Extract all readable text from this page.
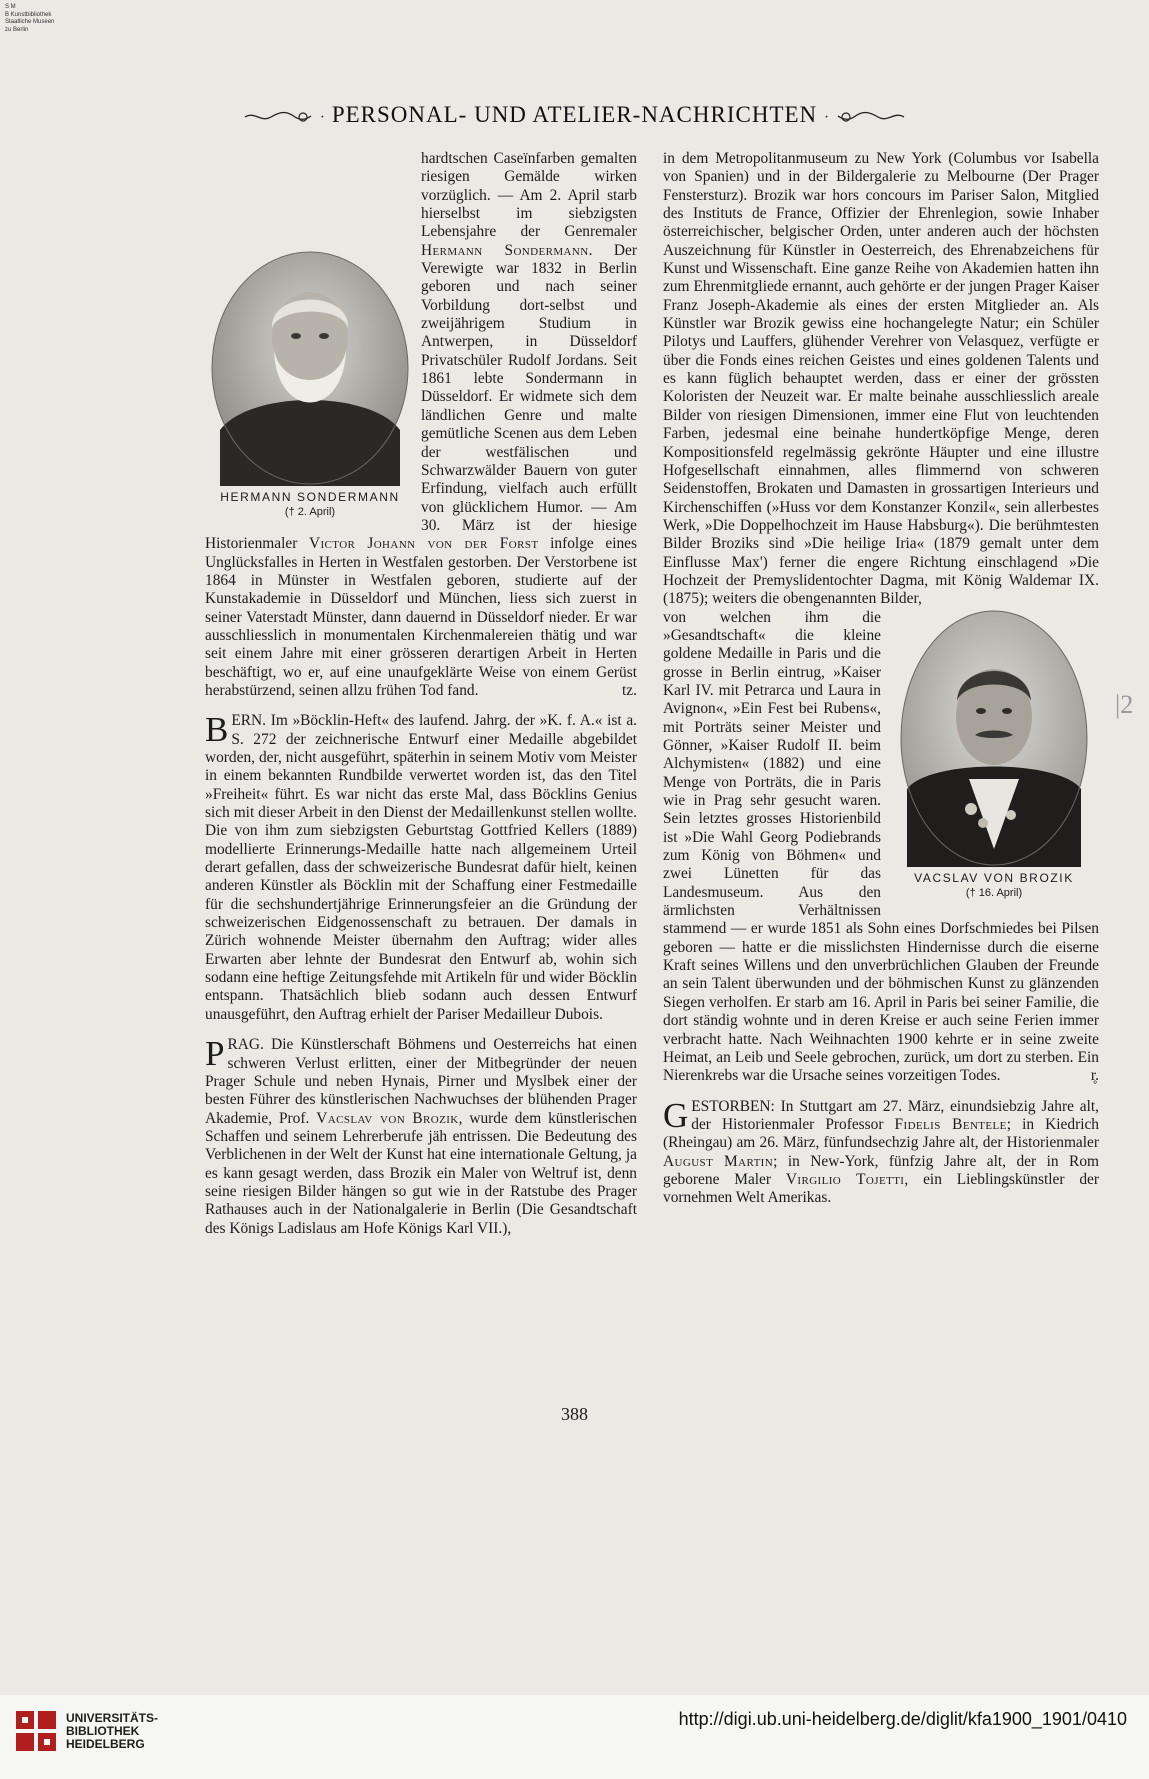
S M
B Kunstbibliothek
Staatliche Museen
zu Berlin
· PERSONAL- UND ATELIER-NACHRICHTEN ·
HERMANN SONDERMANN
(† 2. April)

hardtschen Caseïnfarben gemalten riesigen Gemälde wirken vorzüglich. — Am 2. April starb hierselbst im siebzigsten Lebensjahre der Genremaler Hermann Sondermann. Der Verewigte war 1832 in Berlin geboren und nach seiner Vorbildung dort-selbst und zweijährigem Studium in Antwerpen, in Düsseldorf Privatschüler Rudolf Jordans. Seit 1861 lebte Sondermann in Düsseldorf. Er widmete sich dem ländlichen Genre und malte gemütliche Scenen aus dem Leben der westfälischen und Schwarzwälder Bauern von guter Erfindung, vielfach auch erfüllt von glücklichem Humor. — Am 30. März ist der hiesige Historienmaler Victor Johann von der Forst infolge eines Unglücksfalles in Herten in Westfalen gestorben. Der Verstorbene ist 1864 in Münster in Westfalen geboren, studierte auf der Kunstakademie in Düsseldorf und München, liess sich zuerst in seiner Vaterstadt Münster, dann dauernd in Düsseldorf nieder. Er war ausschliesslich in monumentalen Kirchenmalereien thätig und war seit einem Jahre mit einer grösseren derartigen Arbeit in Herten beschäftigt, wo er, auf eine unaufgeklärte Weise von einem Gerüst herabstürzend, seinen allzu frühen Tod fand.	tz.

BERN. Im »Böcklin-Heft« des laufend. Jahrg. der »K. f. A.« ist a. S. 272 der zeichnerische Entwurf einer Medaille abgebildet worden, der, nicht ausgeführt, späterhin in seinem Motiv vom Meister in einem bekannten Rundbilde verwertet worden ist, das den Titel »Freiheit« führt. Es war nicht das erste Mal, dass Böcklins Genius sich mit dieser Arbeit in den Dienst der Medaillenkunst stellen wollte. Die von ihm zum siebzigsten Geburtstag Gottfried Kellers (1889) modellierte Erinnerungs-Medaille hatte nach allgemeinem Urteil derart gefallen, dass der schweizerische Bundesrat dafür hielt, keinen anderen Künstler als Böcklin mit der Schaffung einer Festmedaille für die sechshundertjährige Erinnerungsfeier an die Gründung der schweizerischen Eidgenossenschaft zu betrauen. Der damals in Zürich wohnende Meister übernahm den Auftrag; wider alles Erwarten aber lehnte der Bundesrat den Entwurf ab, wohin sich sodann eine heftige Zeitungsfehde mit Artikeln für und wider Böcklin entspann. Thatsächlich blieb sodann auch dessen Entwurf unausgeführt, den Auftrag erhielt der Pariser Medailleur Dubois.

PRAG. Die Künstlerschaft Böhmens und Oesterreichs hat einen schweren Verlust erlitten, einer der Mitbegründer der neuen Prager Schule und neben Hynais, Pirner und Myslbek einer der besten Führer des künstlerischen Nachwuchses der blühenden Prager Akademie, Prof. Vacslav von Brozik, wurde dem künstlerischen Schaffen und seinem Lehrerberufe jäh entrissen. Die Bedeutung des Verblichenen in der Welt der Kunst hat eine internationale Geltung, ja es kann gesagt werden, dass Brozik ein Maler von Weltruf ist, denn seine riesigen Bilder hängen so gut wie in der Ratstube des Prager Rathauses auch in der Nationalgalerie in Berlin (Die Gesandtschaft des Königs Ladislaus am Hofe Königs Karl VII.),

in dem Metropolitanmuseum zu New York (Columbus vor Isabella von Spanien) und in der Bildergalerie zu Melbourne (Der Prager Fenstersturz). Brozik war hors concours im Pariser Salon, Mitglied des Instituts de France, Offizier der Ehrenlegion, sowie Inhaber österreichischer, belgischer Orden, unter anderen auch der höchsten Auszeichnung für Künstler in Oesterreich, des Ehrenabzeichens für Kunst und Wissenschaft. Eine ganze Reihe von Akademien hatten ihn zum Ehrenmitgliede ernannt, auch gehörte er der jungen Prager Kaiser Franz Joseph-Akademie als eines der ersten Mitglieder an. Als Künstler war Brozik gewiss eine hochangelegte Natur; ein Schüler Pilotys und Lauffers, glühender Verehrer von Velasquez, verfügte er über die Fonds eines reichen Geistes und eines goldenen Talents und es kann füglich behauptet werden, dass er einer der grössten Koloristen der Neuzeit war. Er malte beinahe ausschliesslich areale Bilder von riesigen Dimensionen, immer eine Flut von leuchtenden Farben, jedesmal eine beinahe hundertköpfige Menge, deren Kompositionsfeld regelmässig gekrönte Häupter und eine illustre Hofgesellschaft einnahmen, alles flimmernd von schweren Seidenstoffen, Brokaten und Damasten in grossartigen Interieurs und Kirchenschiffen (»Huss vor dem Konstanzer Konzil«, sein allerbestes Werk, »Die Doppelhochzeit im Hause Habsburg«). Die berühmtesten Bilder Broziks sind »Die heilige Iria« (1879 gemalt unter dem Einflusse Max') ferner die engere Richtung einschlagend »Die Hochzeit der Premyslidentochter Dagma, mit König Waldemar IX. (1875); weiters die obengenannten Bilder,

VACSLAV VON BROZIK
(† 16. April)

von welchen ihm die »Gesandtschaft« die kleine goldene Medaille in Paris und die grosse in Berlin eintrug, »Kaiser Karl IV. mit Petrarca und Laura in Avignon«, »Ein Fest bei Rubens«, mit Porträts seiner Meister und Gönner, »Kaiser Rudolf II. beim Alchymisten« (1882) und eine Menge von Porträts, die in Paris wie in Prag sehr gesucht waren. Sein letztes grosses Historienbild ist »Die Wahl Georg Podiebrands zum König von Böhmen« und zwei Lünetten für das Landesmuseum. Aus den ärmlichsten Verhältnissen stammend — er wurde 1851 als Sohn eines Dorfschmiedes bei Pilsen geboren — hatte er die misslichsten Hindernisse durch die eiserne Kraft seines Willens und den unverbrüchlichen Glauben der Freunde an sein Talent überwunden und der böhmischen Kunst zu glänzenden Siegen verholfen. Er starb am 16. April in Paris bei seiner Familie, die dort ständig wohnte und in deren Kreise er auch seine Ferien immer verbracht hatte. Nach Weihnachten 1900 kehrte er in seine zweite Heimat, an Leib und Seele gebrochen, zurück, um dort zu sterben. Ein Nierenkrebs war die Ursache seines vorzeitigen Todes.	r̥.

GESTORBEN: In Stuttgart am 27. März, einundsiebzig Jahre alt, der Historienmaler Professor Fidelis Bentele; in Kiedrich (Rheingau) am 26. März, fünfundsechzig Jahre alt, der Historienmaler August Martin; in New-York, fünfzig Jahre alt, der in Rom geborene Maler Virgilio Tojetti, ein Lieblingskünstler der vornehmen Welt Amerikas.

|2
388
UNIVERSITÄTS-
BIBLIOTHEK
HEIDELBERG
http://digi.ub.uni-heidelberg.de/diglit/kfa1900_1901/0410
